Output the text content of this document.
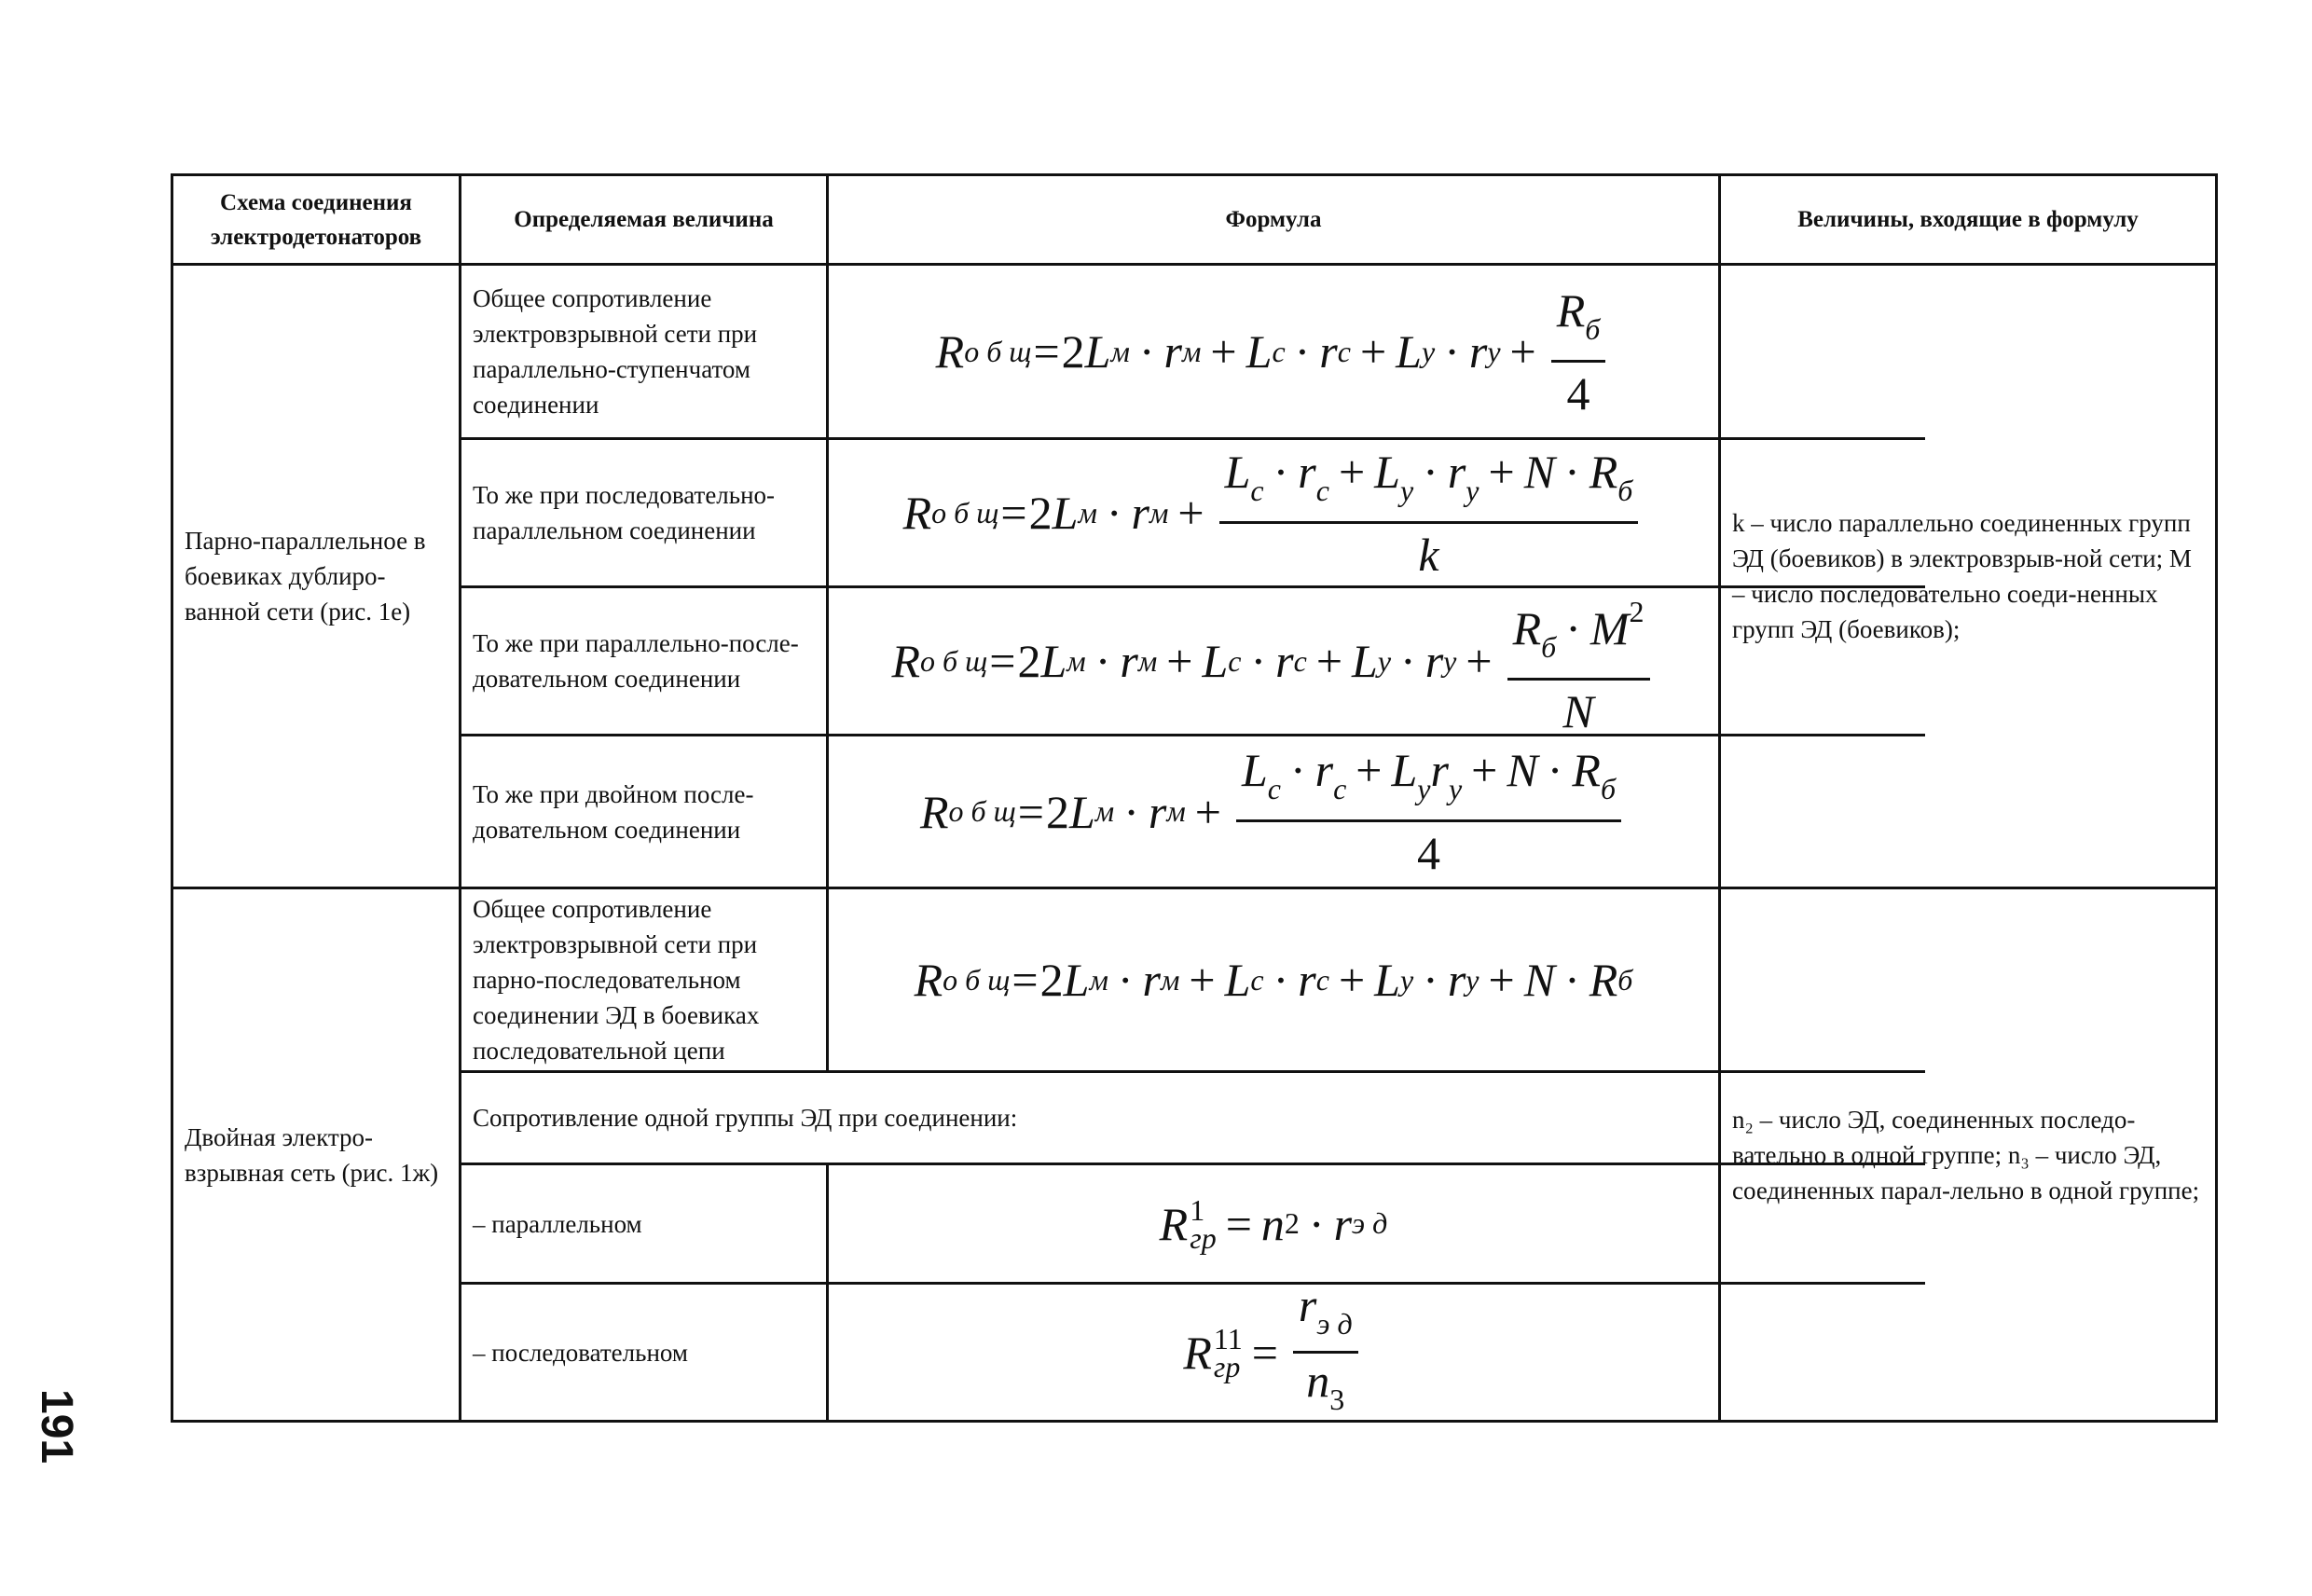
Схема соединения электродетонаторов
Определяемая величина	Формула	Величины, входящие в формулу
Парно-параллельное в боевиках дублиро-ванной сети (рис. 1е)
Общее сопротивление электровзрывной сети при параллельно-ступенчатом соединении
То же при последовательно-параллельном соединении
То же при параллельно-после-довательном соединении
То же при двойном после-довательном соединении
k – число параллельно соединенных групп ЭД (боевиков) в электровзрыв-ной сети; М – число последовательно соеди-ненных групп ЭД (боевиков);
R о б щ = 2 L м · r м + L с · r с + L у · r $у + \frac{R_б}{4}$
R о б щ = 2 L м · r $м + \frac{L_с \cdot r_с + L_у \cdot r_у + N \cdot R_б}{k}$
R о б щ = 2 L м · r м + L с · r с + L у · r $у + \frac{R_б \cdot M^2}{N}$
R о б щ = 2 L м · r $м + \frac{L_с \cdot r_с + L_уr_у + N \cdot R_б}{4}$
Двойная электро-взрывная сеть (рис. 1ж)
Общее сопротивление электровзрывной сети при парно-последовательном соединении ЭД в боевиках последовательной цепи
Сопротивление одной группы ЭД при соединении:
– параллельном
– последовательном
n₂ – число ЭД, соединенных последо-вательно в одной группе; n₃ – число ЭД, соединенных парал-лельно в одной группе;
R о б щ = 2 L м · r м + L с · r с + L у · r у + N · R б
R 1
гр = n 2 · r э д
R 11
гр = $\frac{r_{э д}}{n_3}$
191
